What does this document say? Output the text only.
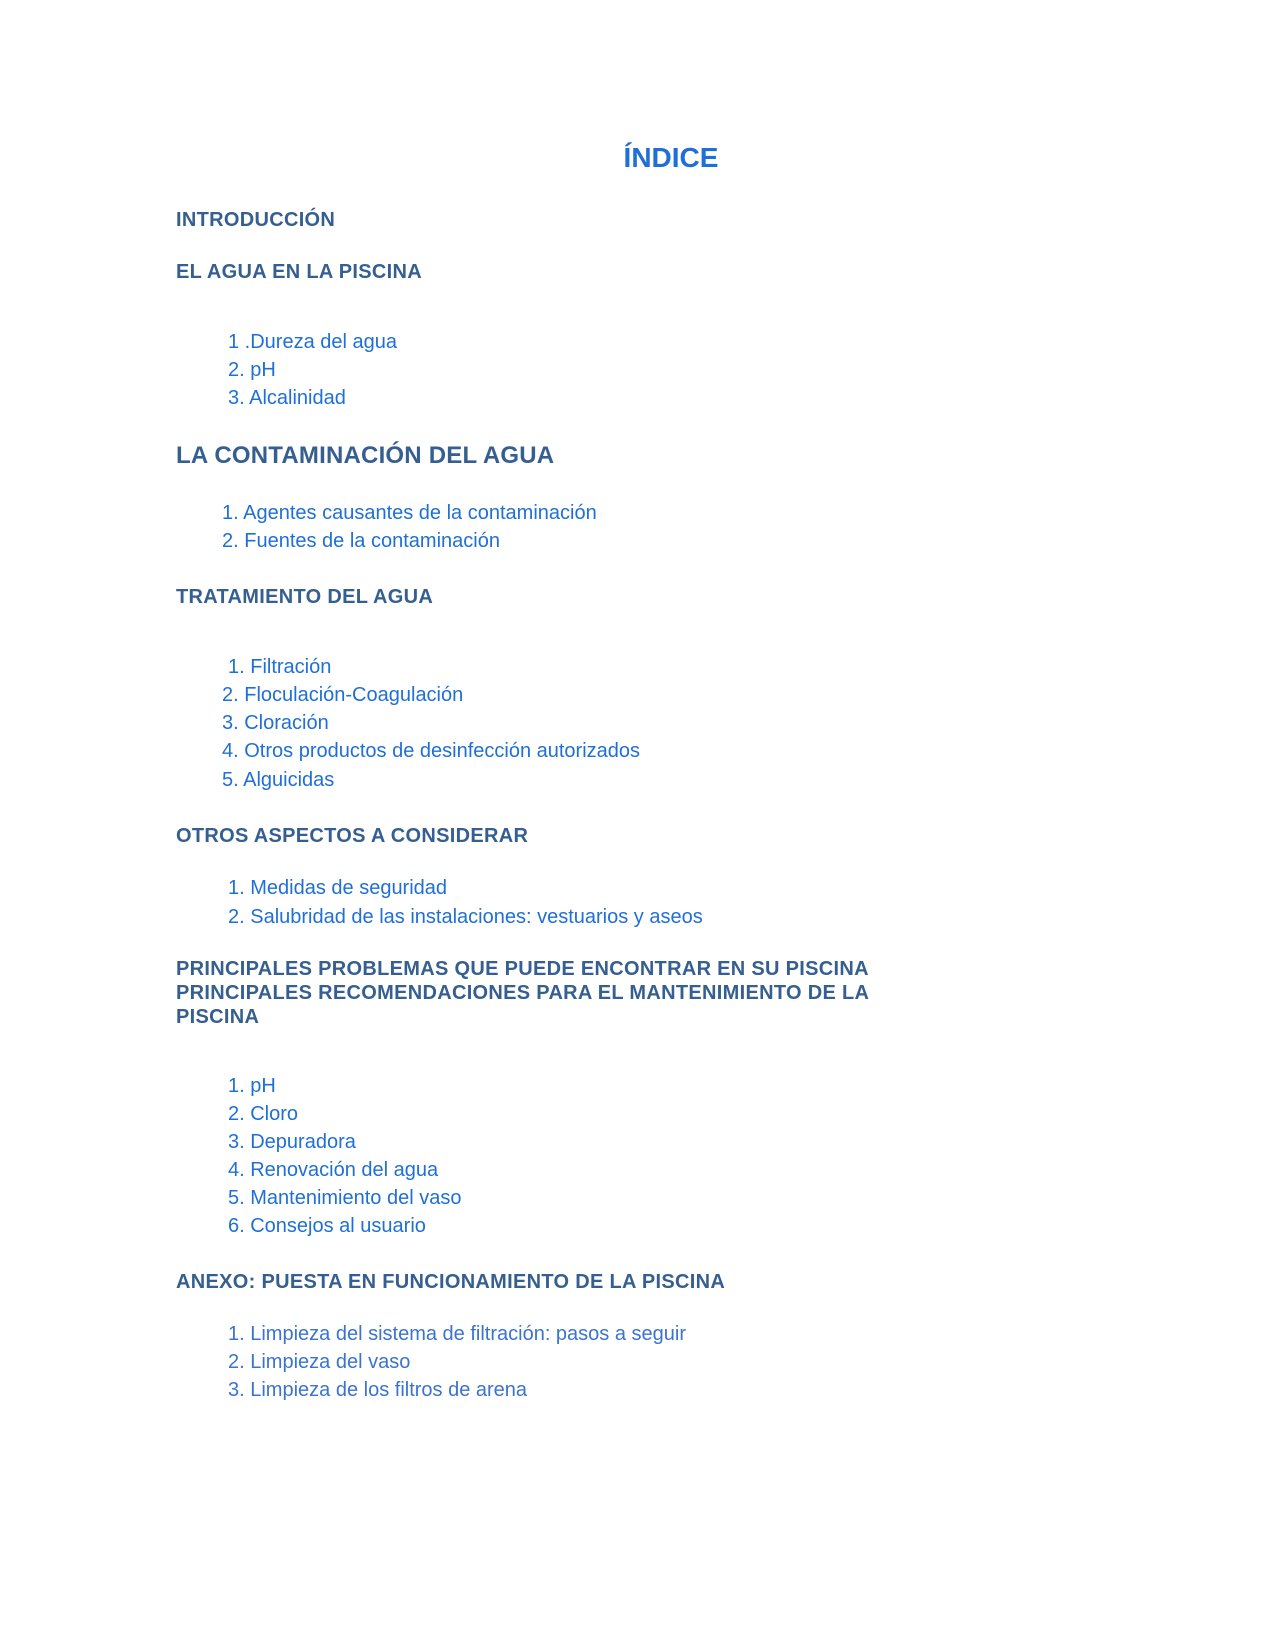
ÍNDICE
INTRODUCCIÓN
EL AGUA EN LA PISCINA
1 .Dureza del agua
2. pH
3. Alcalinidad
LA CONTAMINACIÓN DEL AGUA
1. Agentes causantes de la contaminación
2. Fuentes de la contaminación
TRATAMIENTO DEL AGUA
1. Filtración
2. Floculación-Coagulación
3. Cloración
4. Otros productos de desinfección autorizados
5. Alguicidas
OTROS ASPECTOS A CONSIDERAR
1. Medidas de seguridad
2. Salubridad de las instalaciones: vestuarios y aseos
PRINCIPALES PROBLEMAS QUE PUEDE ENCONTRAR EN SU PISCINA PRINCIPALES RECOMENDACIONES PARA EL MANTENIMIENTO DE LA PISCINA
1. pH
2. Cloro
3. Depuradora
4. Renovación del agua
5. Mantenimiento del vaso
6. Consejos al usuario
ANEXO: PUESTA EN FUNCIONAMIENTO DE LA PISCINA
1. Limpieza del sistema de filtración: pasos a seguir
2. Limpieza del vaso
3. Limpieza de los filtros de arena
